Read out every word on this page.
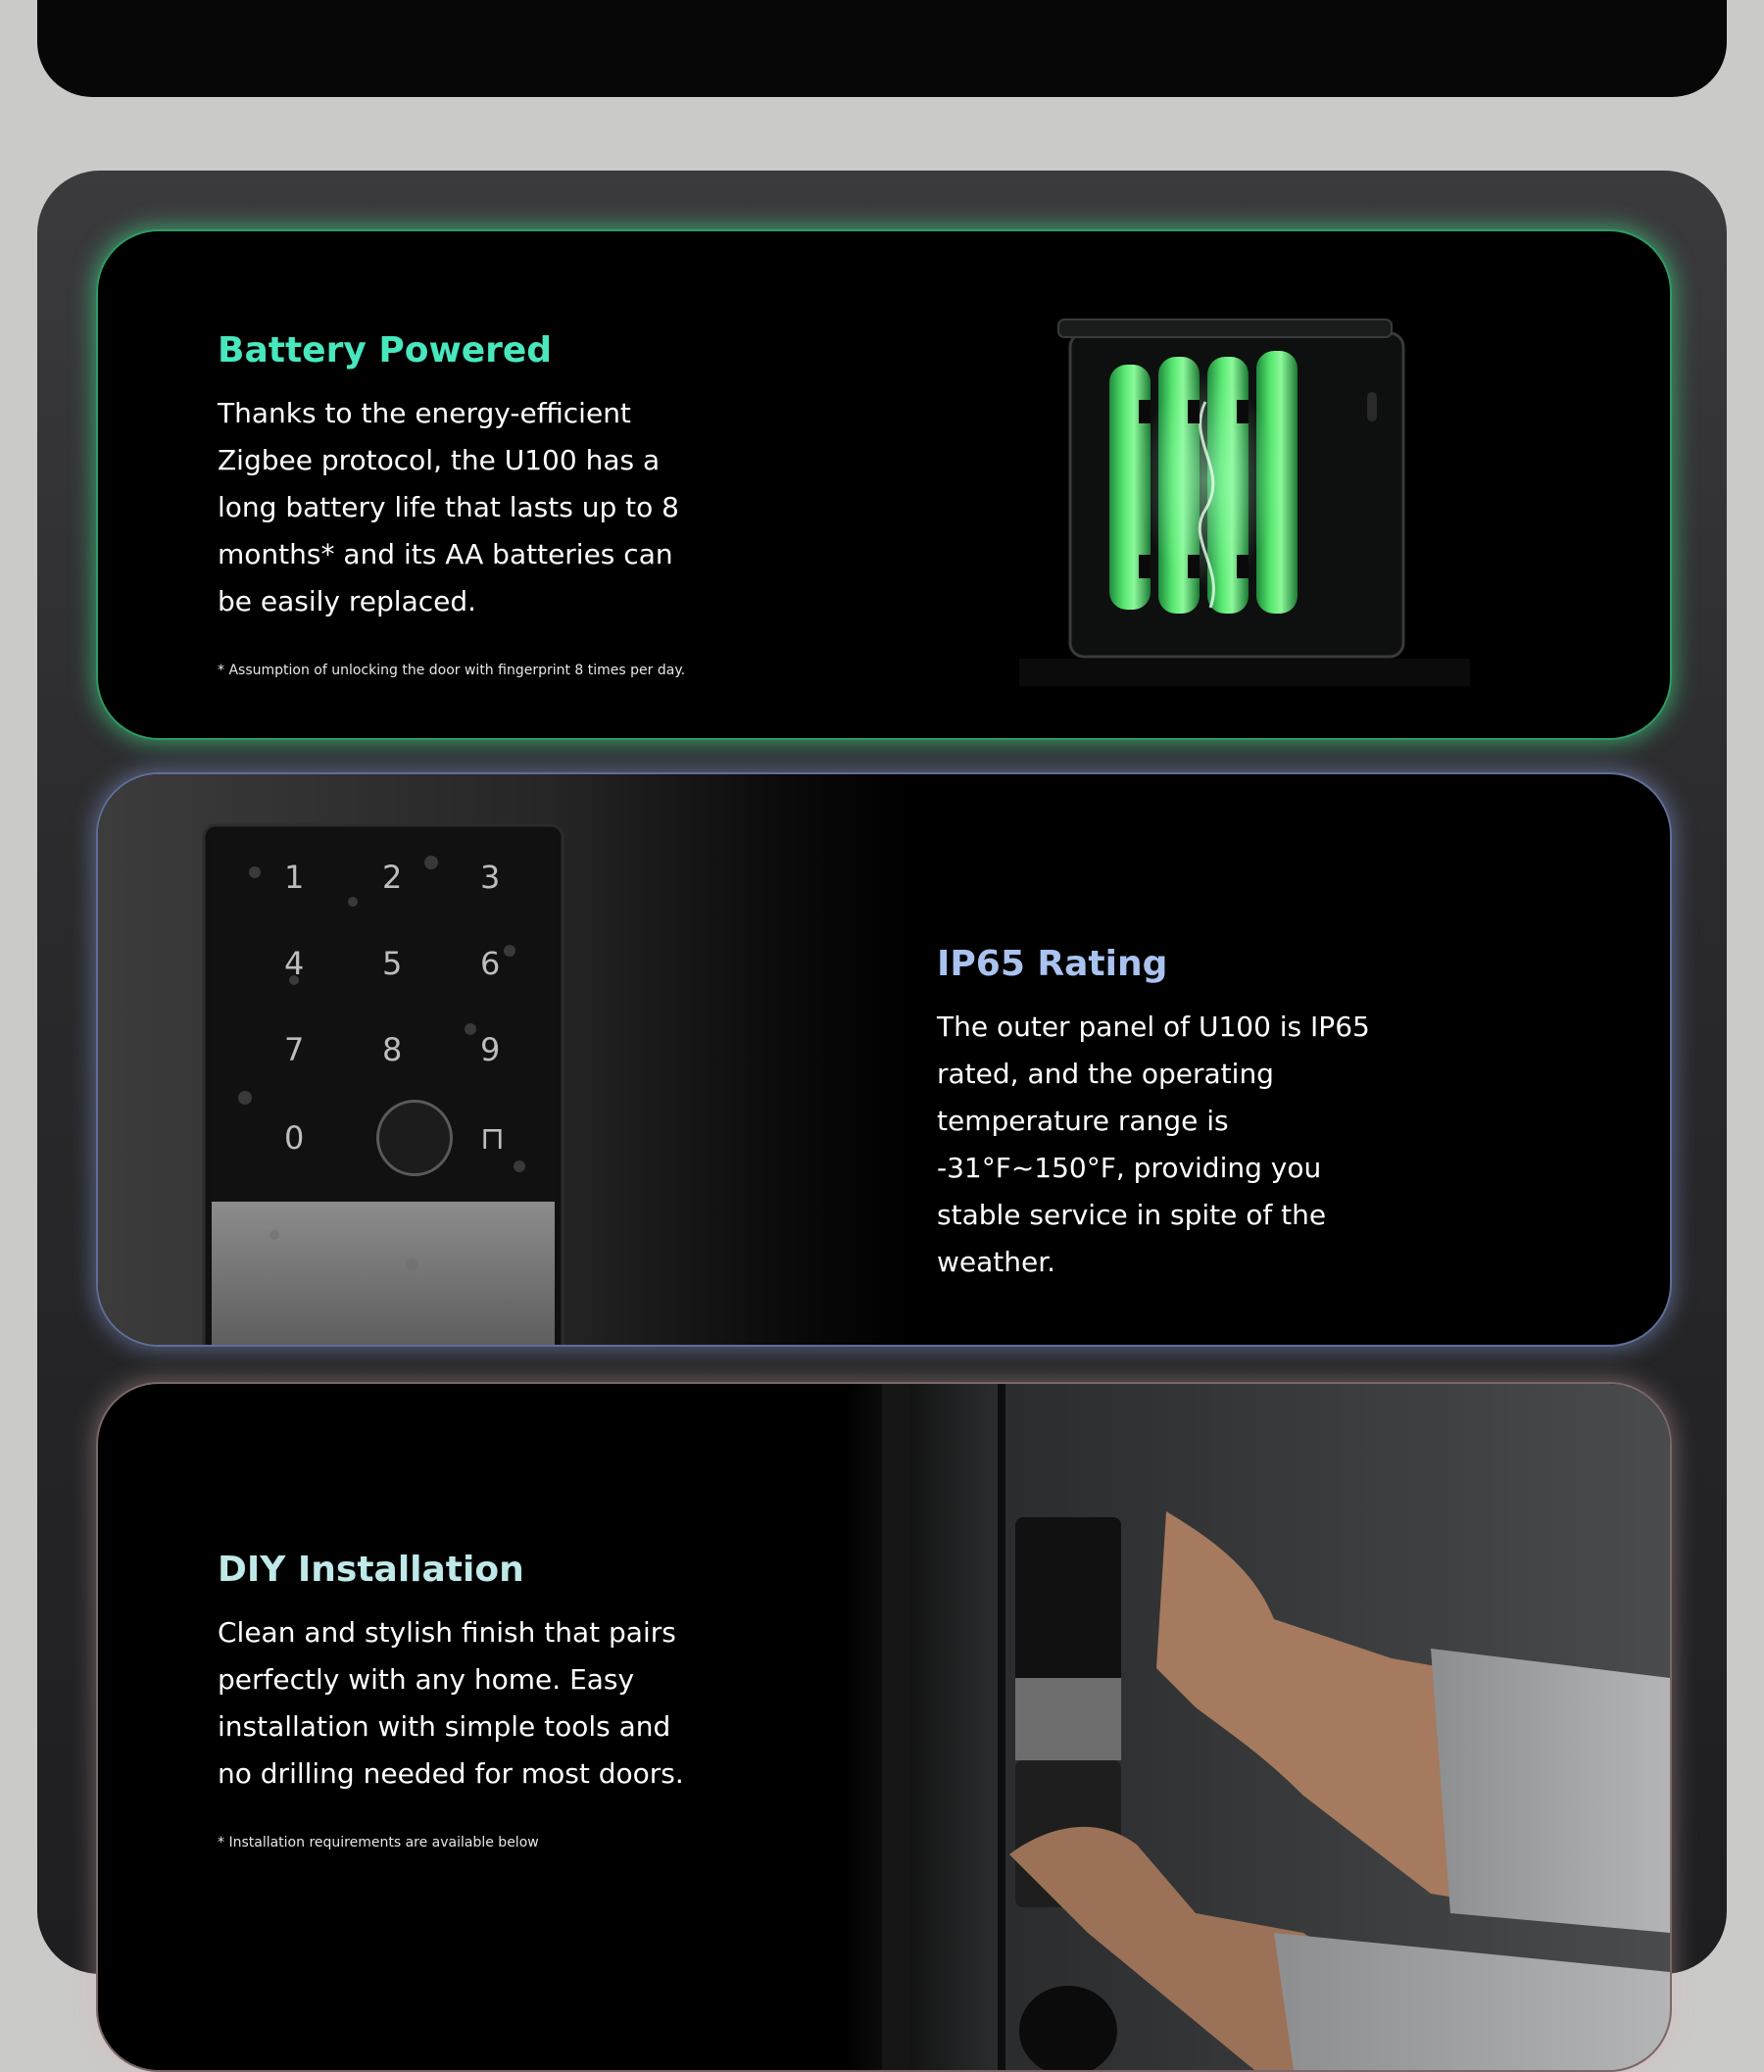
Battery Powered

Thanks to the energy-efficient Zigbee protocol, the U100 has a long battery life that lasts up to 8 months* and its AA batteries can be easily replaced.

* Assumption of unlocking the door with fingerprint 8 times per day.
1 2 3
4 5 6
7 8 9
0	⊓
IP65 Rating

The outer panel of U100 is IP65 rated, and the operating temperature range is -31°F~150°F, providing you stable service in spite of the weather.

DIY Installation

Clean and stylish finish that pairs perfectly with any home. Easy installation with simple tools and no drilling needed for most doors.

* Installation requirements are available below
